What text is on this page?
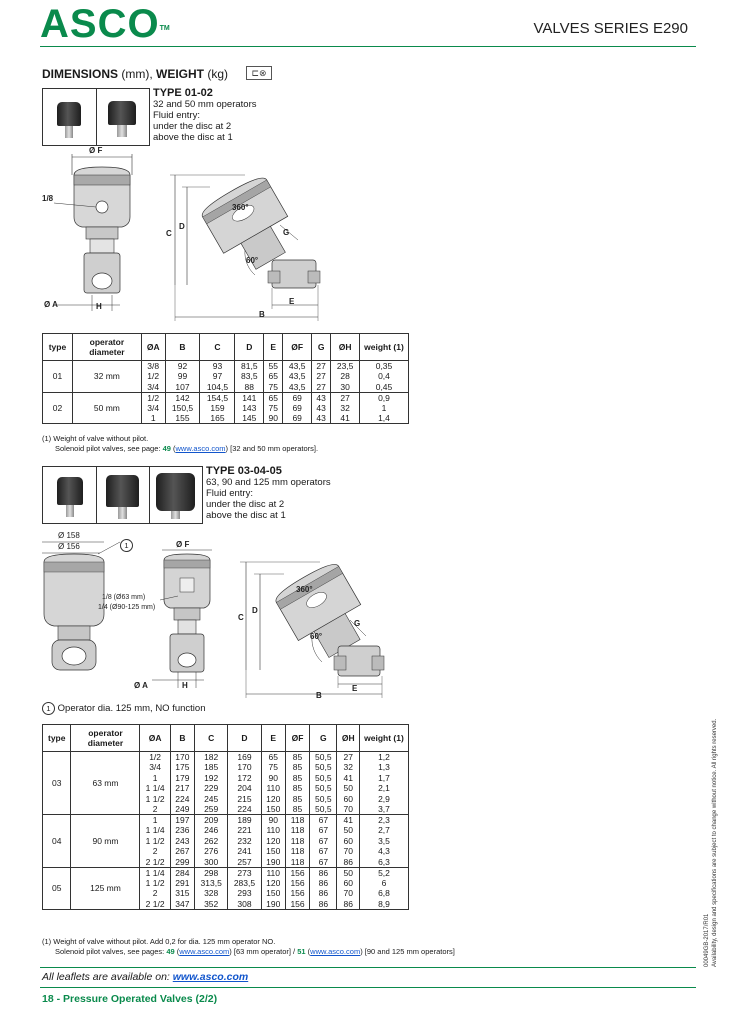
ASCO™	VALVES SERIES E290
DIMENSIONS (mm), WEIGHT (kg)	⊏⊗
TYPE 01-02
32 and 50 mm operators
Fluid entry:
under the disc at 2
above the disc at 1
Ø F
1/8
Ø A	H
C
D
G
E
B
60°
360°
type	operator diameter	ØA	B	C	D	E	ØF	G	ØH	weight (1)
01	32 mm	3/8	92	93	81,5	55	43,5	27	23,5	0,35
		1/2	99	97	83,5	65	43,5	27	28	0,4
		3/4	107	104,5	88	75	43,5	27	30	0,45
02	50 mm	1/2	142	154,5	141	65	69	43	27	0,9
		3/4	150,5	159	143	75	69	43	32	1
		1	155	165	145	90	69	43	41	1,4
(1) Weight of valve without pilot.
Solenoid pilot valves, see page: 49 (www.asco.com) [32 and 50 mm operators].
TYPE 03-04-05
63, 90 and 125 mm operators
Fluid entry:
under the disc at 2
above the disc at 1
Ø 158
Ø 156	1	Ø F
1/8 (Ø63 mm)
1/4 (Ø90-125 mm)
Ø A	H
C
D
G
E
B
60°
360°
1 Operator dia. 125 mm, NO function
type	operator diameter	ØA	B	C	D	E	ØF	G	ØH	weight (1)
03	63 mm	1/2	170	182	169	65	85	50,5	27	1,2
		3/4	175	185	170	75	85	50,5	32	1,3
		1	179	192	172	90	85	50,5	41	1,7
		1 1/4	217	229	204	110	85	50,5	50	2,1
		1 1/2	224	245	215	120	85	50,5	60	2,9
		2	249	259	224	150	85	50,5	70	3,7
04	90 mm	1	197	209	189	90	118	67	41	2,3
		1 1/4	236	246	221	110	118	67	50	2,7
		1 1/2	243	262	232	120	118	67	60	3,5
		2	267	276	241	150	118	67	70	4,3
		2 1/2	299	300	257	190	118	67	86	6,3
05	125 mm	1 1/4	284	298	273	110	156	86	50	5,2
		1 1/2	291	313,5	283,5	120	156	86	60	6
		2	315	328	293	150	156	86	70	6,8
		2 1/2	347	352	308	190	156	86	86	8,9
(1) Weight of valve without pilot. Add 0,2 for dia. 125 mm operator NO.
Solenoid pilot valves, see pages: 49 (www.asco.com) [63 mm operator] / 51 (www.asco.com) [90 and 125 mm operators]	00049GB-2017/R01 Availability, design and specifications are subject to change without notice. All rights reserved.
All leaflets are available on: www.asco.com
18 - Pressure Operated Valves (2/2)
